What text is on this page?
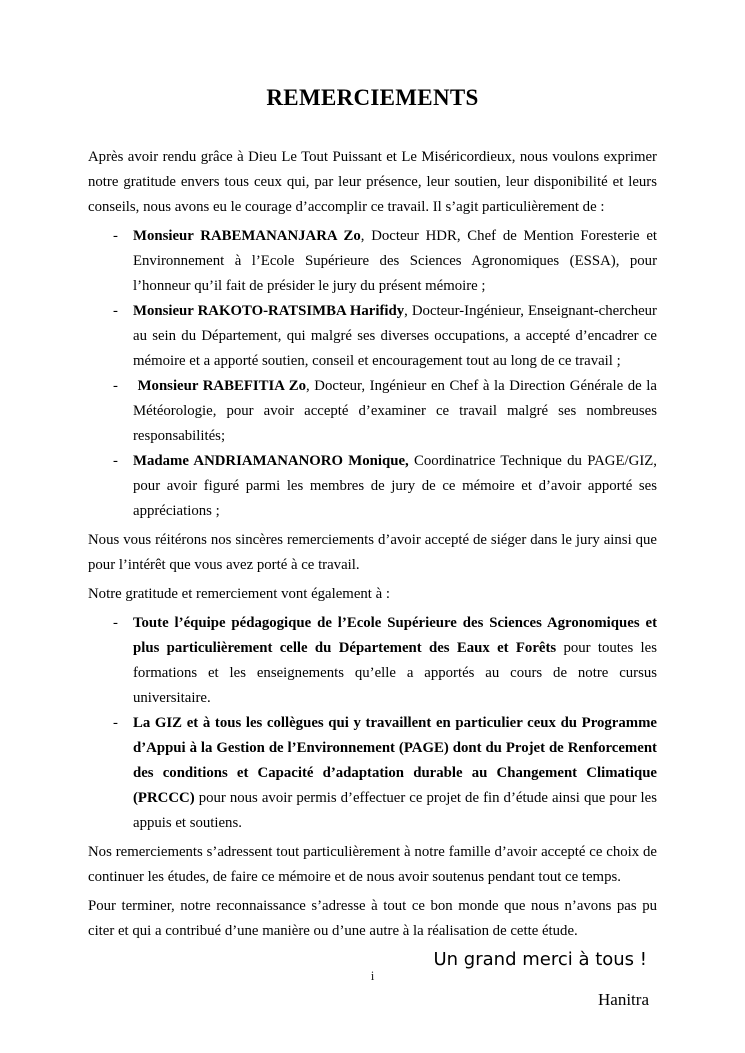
REMERCIEMENTS

Après avoir rendu grâce à Dieu Le Tout Puissant et Le Miséricordieux, nous voulons exprimer notre gratitude envers tous ceux qui, par leur présence, leur soutien, leur disponibilité et leurs conseils, nous avons eu le courage d’accomplir ce travail. Il s’agit particulièrement de :

- Monsieur RABEMANANJARA Zo, Docteur HDR, Chef de Mention Foresterie et Environnement à l’Ecole Supérieure des Sciences Agronomiques (ESSA), pour l’honneur qu’il fait de présider le jury du présent mémoire ;
- Monsieur RAKOTO-RATSIMBA Harifidy, Docteur-Ingénieur, Enseignant-chercheur au sein du Département, qui malgré ses diverses occupations, a accepté d’encadrer ce mémoire et a apporté soutien, conseil et encouragement tout au long de ce travail ;
- Monsieur RABEFITIA Zo, Docteur, Ingénieur en Chef à la Direction Générale de la Météorologie, pour avoir accepté d’examiner ce travail malgré ses nombreuses responsabilités;
- Madame ANDRIAMANANORO Monique, Coordinatrice Technique du PAGE/GIZ, pour avoir figuré parmi les membres de jury de ce mémoire et d’avoir apporté ses appréciations ;

Nous vous réitérons nos sincères remerciements d’avoir accepté de siéger dans le jury ainsi que pour l’intérêt que vous avez porté à ce travail.

Notre gratitude et remerciement vont également à :

- Toute l’équipe pédagogique de l’Ecole Supérieure des Sciences Agronomiques et plus particulièrement celle du Département des Eaux et Forêts pour toutes les formations et les enseignements qu’elle a apportés au cours de notre cursus universitaire.
- La GIZ et à tous les collègues qui y travaillent en particulier ceux du Programme d’Appui à la Gestion de l’Environnement (PAGE) dont du Projet de Renforcement des conditions et Capacité d’adaptation durable au Changement Climatique (PRCCC) pour nous avoir permis d’effectuer ce projet de fin d’étude ainsi que pour les appuis et soutiens.

Nos remerciements s’adressent tout particulièrement à notre famille d’avoir accepté ce choix de continuer les études, de faire ce mémoire et de nous avoir soutenus pendant tout ce temps.

Pour terminer, notre reconnaissance s’adresse à tout ce bon monde que nous n’avons pas pu citer et qui a contribué d’une manière ou d’une autre à la réalisation de cette étude.

Un grand merci à tous !
Hanitra
i
